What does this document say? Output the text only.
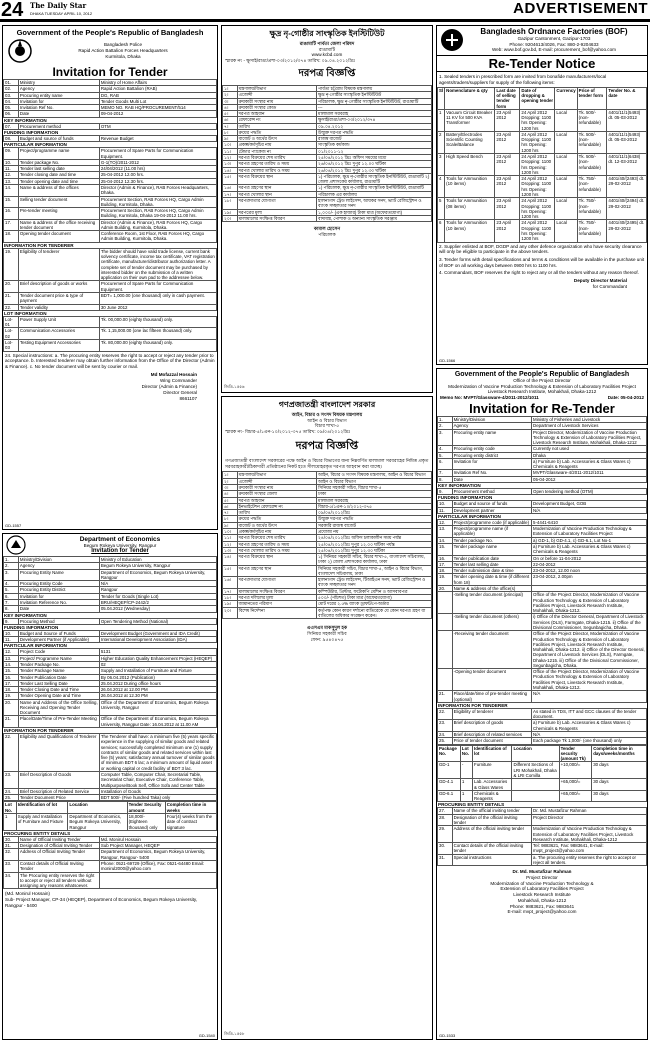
24 The Daily Star
DHAKA TUESDAY APRIL 10, 2012	ADVERTISEMENT
Government of the People's Republic of Bangladesh
Bangladesh Police
Rapid Action Battalion Forces Headquarters
Kurmitola, Dhaka
Invitation for Tender
01.	Ministry	Ministry of Home Affairs
02.	Agency	Rapid Action Battalion (RAB)
03.	Procuring entity name	DG, RAB
04.	Invitation for	Tender Goods Multi Lot
05.	Invitation Ref No.	MEMO NO. RAB HQ/PROCUREMENT/514
06.	Date	09-04-2012
KEY INFORMATION
07.	Procurement method	OTM
FUNDING INFORMATION
08.	Budget and source of funds	Revenue Budget
PARTICULAR INFORMATION
09.	Project/programme name	Procurement of Spare Parts for Communication Equipment.
10.	Tender package No.	G-1(TO)/2011-2012
11.	Tender last selling date	24/04/2012 (11.00 hrs)
12.	Tender closing date and time	25-04-2012 12.00 hrs.
13.	Tender opening date and time	25-04-2012 12.30 hrs.
14.	Name & address of the offices	Director (Admin & Finance), RAB Forces Headquarters, Dhaka.
15.	Selling tender document	Procurement Section, RAB Forces HQ, Cargo Admin Building, Kurmitola, Dhaka.
16.	Pre-tender meeting	Procurement Section, RAB Forces HQ, Cargo Admin Building, Kurmitola, Dhaka 19-04-2012 11.00 hrs.
17.	Name & address of the office receiving tender document	Director (Admin & Finance), RAB Forces HQ, Cargo Admin Building, Kurmitola, Dhaka.
18.	Opening tender document	Conference Room, 1st Floor, RAB Forces HQ, Cargo Admin Building, Kurmitola, Dhaka.
INFORMATION FOR TENDERER
19.	Eligibility of tenderer	The bidder should have valid trade license, current bank solvency certificate, income tax certificate, VAT registration certificate, manufacturer/distributor authorization letter. A complete set of tender document may be purchased by interested bidder on the submission of a written application on their own pad to the addressee below.
20.	Brief description of goods or works	Procurement of Spare Parts for Communication Equipment.
21.	Tender document price & type of payment	BDT= 1,000.00 (one thousand) only in cash payment.
22.	Tender validity	30 June 2012
LOT INFORMATION
Lot-01	Power Supply Unit	Tk. 00,000.00 (eighty thousand) only.
Lot-02	Communication Accessories	Tk. 1,15,000.00 (one lac fifteen thousand) only.
Lot-03	Testing Equipment Accessories	Tk. 80,000.00 (eighty thousand) only.
24. Special instructions: a. The procuring entity reserves the right to accept or reject any tender prior to acceptance. b. Interested tenderer may obtain further information from the Office of the Director (Admin & Finance). c. No tender document will be sent by courier or mail.
Md Mofazzal Hossain
Wing Commander
Director (Admin & Finance)
Director General
8661107
GD-1557
ক্ষুদ্র নৃ-গোষ্ঠীর সাংস্কৃতিক ইনস্টিটিউট
রাঙামাটি পার্বত্য জেলা পরিষদ
রাঙামাটি
www.kcbd.com
স্মারক নং - ক্ষুসাই/রাঙা/প্রশা-০৩/২০১২/৩৭৪ তারিখ: ০৯.০৪.২০১২খ্রিঃ
দরপত্র বিজ্ঞপ্তি
১।	মন্ত্রণালয়/বিভাগ	পার্বত্য চট্টগ্রাম বিষয়ক মন্ত্রণালয়
২।	এজেন্সী	ক্ষুদ্র নৃ-গোষ্ঠীর সাংস্কৃতিক ইনস্টিটিউট
৩।	ক্রয়কারী সংস্থার নাম	পরিচালক, ক্ষুদ্র নৃ-গোষ্ঠীর সাংস্কৃতিক ইনস্টিটিউট, রাঙামাটি
৪।	ক্রয়কারী সংস্থার কোড	---
৫।	দরপত্র আহবান	মালামাল সরবরাহ
৬।	রেফারেন্স নং	ক্ষুসাই/রাঙা/প্রশা-০৩/২০১২/৩৭৪
৭।	তারিখ	০৯.০৪.২০১২
৮।	ক্রয়ের পদ্ধতি	উন্মুক্ত দরপত্র পদ্ধতি
৯।	বাজেট ও অর্থের উৎস	রাজস্ব বাজেট
১০।	প্রকল্প/কর্মসূচির নাম	সাংস্কৃতিক কর্মকান্ড
১১।	টেন্ডার প্যাকেজ নং	০১/২০১১-১২
১২।	দরপত্র বিক্রয়ের শেষ তারিখ	২৫/০৪/২০১২ খ্রিঃ অফিস সময়ের মধ্যে
১৩।	দরপত্র গ্রহণের তারিখ ও সময়	২৬/০৪/২০১২ খ্রিঃ দুপুর ১২.০০ ঘটিকা
১৪।	দরপত্র খোলার তারিখ ও সময়	২৬/০৪/২০১২ খ্রিঃ দুপুর ১২.৩০ ঘটিকা
১৫।	দরপত্র বিক্রয়ের স্থান	১) পরিচালক, ক্ষুদ্র নৃ-গোষ্ঠীর সাংস্কৃতিক ইনস্টিটিউট, রাঙামাটি ২) জেলা প্রশাসকের কার্যালয়, রাঙামাটি
১৬।	দরপত্র গ্রহণের স্থান	১) পরিচালক, ক্ষুদ্র নৃ-গোষ্ঠীর সাংস্কৃতিক ইনস্টিটিউট, রাঙামাটি
১৭।	দরপত্র খোলার স্থান	পরিচালক এর কার্যালয়
১৮।	দরপত্রদাতার যোগ্যতা	হালনাগাদ ট্রেড লাইসেন্স, আয়কর সনদ, ভ্যাট রেজিস্ট্রেশন ও ব্যাংক সচ্ছলতার সনদ
১৯।	দরপত্রের মূল্য	১,০০০/- (এক হাজার) টাকা মাত্র (অফেরতযোগ্য)
২০।	মালামালের সংক্ষিপ্ত বিবরণ	বাদ্যযন্ত্র, পোশাক ও অন্যান্য সাংস্কৃতিক সরঞ্জাম
কামাল হোসেন
পরিচালক
জিডি-১৫৫৬
Bangladesh Ordnance Factories (BOF)
Gazipur Cantonment, Gazipur-1703
Phone: 9204613/4026, Fax: 880-2-9204633
Web: www.bof.gov.bd, E-mail: procurement_bof@yahoo.com
Re-Tender Notice
1. Sealed tenders in prescribed form are invited from bonafide manufacturers/local agents/traders/suppliers for supply of the following items:
Sl	Nomenclature & qty	Last date of selling tender form	Date of dropping & opening tender	Currency	Price of tender form	Tender No. & date
1	Vacuum Circuit Breaker 11 KV for 500 KVA Transformer	23 April 2012	24 April 2012 Dropping: 1100 hrs Opening: 1200 hrs	Local	Tk. 500/- (non-refundable)	4401/11/1(5493) dt. 05-03-2012
2	Battery/Electrodes Scientific Counting Scale/Balance	23 April 2012	24 April 2012 Dropping: 1100 hrs Opening: 1200 hrs	Local	Tk. 500/- (non-refundable)	4401/11/1(5493) dt. 05-03-2012
3	High Speed Bench	23 April 2012	24 April 2012 Dropping: 1100 hrs Opening: 1200 hrs	Local	Tk. 500/- (non-refundable)	4401/11/1(6438) dt. 12-03-2012
4	Tools for Ammunition (10 items)	23 April 2012	24 April 2012 Dropping: 1100 hrs Opening: 1200 hrs	Local	Tk. 750/- (non-refundable)	4401/40/(2493) dt. 29-02-2012
5	Tools for Ammunition (08 items)	23 April 2012	24 April 2012 Dropping: 1100 hrs Opening: 1200 hrs	Local	Tk. 750/- (non-refundable)	4401/40/(2494) dt. 29-02-2012
6	Tools for Ammunition (10 items)	23 April 2012	24 April 2012 Dropping: 1100 hrs Opening: 1200 hrs	Local	Tk. 750/- (non-refundable)	4401/40/(2495) dt. 29-02-2012
2. Supplier enlisted at BOF, DGDP and any other defence organization who have security clearance will only be eligible to participate in the above tenders.
3. Tender forms with detail specifications and terms & conditions will be available in the purchase unit of BOF on all working days between 0900 hrs to 1100 hrs.
4. Commandant, BOF reserves the right to reject any or all the tenders without any reason thereof.
Deputy Director Material
for Commandant
GD-1566
গণপ্রজাতন্ত্রী বাংলাদেশ সরকার
আইন, বিচার ও সংসদ বিষয়ক মন্ত্রণালয়
আইন ও বিচার বিভাগ
বিচার শাখা-৫
স্মারক নং- বিচার-৫/১এন-১০/২০১২-৩৭৫ তারিখ: ০৯/০৪/২০১২খ্রিঃ
দরপত্র বিজ্ঞপ্তি
গণপ্রজাতন্ত্রী বাংলাদেশ সরকারের পক্ষে আইন ও বিচার বিভাগের জন্য নিম্নবর্ণিত মালামাল সরবরাহের নিমিত্ত প্রকৃত সরবরাহকারী/ঠিকাদারী প্রতিষ্ঠানের নিকট হতে সীলমোহরকৃত দরপত্র আহবান করা যাচ্ছে।
১।	মন্ত্রণালয়/বিভাগ	আইন, বিচার ও সংসদ বিষয়ক মন্ত্রণালয়, আইন ও বিচার বিভাগ
২।	এজেন্সী	আইন ও বিচার বিভাগ
৩।	ক্রয়কারী সংস্থার নাম	সিনিয়র সহকারী সচিব, বিচার শাখা-৫
৪।	ক্রয়কারী সংস্থার জেলা	ঢাকা
৫।	দরপত্র আহবান	মালামাল সরবরাহ
৬।	ইনভাইটেশন রেফারেন্স নং	বিচার-৫/১এন-১০/২০১২-৩৭৫
৭।	তারিখ	০৯/০৪/২০১২খ্রিঃ
৮।	ক্রয়ের পদ্ধতি	উন্মুক্ত দরপত্র পদ্ধতি
৯।	বাজেট ও অর্থের উৎস	সরকারি রাজস্ব বাজেট
১০।	প্রকল্প/কর্মসূচির নাম	প্রযোজ্য নয়
১১।	দরপত্র বিক্রয়ের শেষ তারিখ	২৪/০৪/২০১২খ্রিঃ অফিস চলাকালীন সময় পর্যন্ত
১২।	দরপত্র গ্রহণের তারিখ ও সময়	২৫/০৪/২০১২খ্রিঃ দুপুর ১২.০০ ঘটিকা পর্যন্ত
১৩।	দরপত্র খোলার তারিখ ও সময়	২৫/০৪/২০১২খ্রিঃ দুপুর ১২.৩০ ঘটিকা
১৪।	দরপত্র বিক্রয়ের স্থান	১) সিনিয়র সহকারী সচিব, বিচার শাখা-৫, বাংলাদেশ সচিবালয়, ঢাকা ২) জেলা প্রশাসকের কার্যালয়, ঢাকা
১৫।	দরপত্র গ্রহণের স্থান	সিনিয়র সহকারী সচিব, বিচার শাখা-৫, আইন ও বিচার বিভাগ, বাংলাদেশ সচিবালয়, ঢাকা
১৬।	দরপত্রদাতার যোগ্যতা	হালনাগাদ ট্রেড লাইসেন্স, টিআইএন সনদ, ভ্যাট রেজিস্ট্রেশন ও ব্যাংক সচ্ছলতার সনদ
১৭।	মালামালের সংক্ষিপ্ত বিবরণ	কম্পিউটার, প্রিন্টার, ফটোকপি মেশিন ও আসবাবপত্র
১৮।	দরপত্র দলিলের মূল্য	৫০০/- (পাঁচশত) টাকা মাত্র (অফেরতযোগ্য)
১৯।	জামানতের পরিমাণ	মোট দরের ২.৫% ব্যাংক ড্রাফট/পে-অর্ডার
২০।	বিশেষ নির্দেশনা	কর্তৃপক্ষ কোন কারণ দর্শানো ব্যতিরেকে যে কোন দরপত্র গ্রহণ বা বাতিলের অধিকার সংরক্ষণ করেন।
এএসএম মাকসুদুল হক
সিনিয়র সহকারী সচিব
ফোন: ৯৫৪০৪৭৫
জিডি-১৫৫৮
Department of Economics
Begum Rokeya University, Rangpur
Invitation for Tender
1.	Ministry/Division	Ministry of Education
2.	Agency	Begum Rokeya University, Rangpur
3.	Procuring Entity Name	Department of Economics, Begum Rokeya University, Rangpur
4.	Procuring Entity Code	N/A
5.	Procuring Entity District	Rangpur
6.	Invitation for	Tender for Goods (Single Lot)
7.	Invitation Reference No.	BRU/HEQEP/CP-2442/2
8.	Date	05.04.2012 (Wednesday)
KEY INFORMATION
9.	Procuring Method	Open Tendering Method (National)
FUNDING INFORMATION
10.	Budget and Source of Funds	Development Budget (Government and IDA Credit)
11.	Development Partner (if Applicable)	International Development Association (IDA)
PARTICULAR INFORMATION
12.	Project Code	5131
13.	Project/ Programme Name	Higher Education Quality Enhancement Project (HEQEP)
14.	Tender Package No.	02
15.	Tender Package Name	Supply and Installation of Furniture and Fixture
16.	Tender Publication Date	By 06.04.2012 (Publication)
17.	Tender Last Selling Date	25.04.2012 During office hours
18.	Tender Closing Date and Time	26.04.2012 at 12.00 PM
19.	Tender Opening Date and Time	26.04.2012 at 12.30 PM
20.	Name and Address of the Office Selling, Receiving and Opening Tender Document	Office of the Department of Economics, Begum Rokeya University, Rangpur
21.	Place/Date/Time of Pre-Tender Meeting	Office of the Department of Economics, Begum Rokeya University, Rangpur Date: 16.04.2012 at 11.00 AM
INFORMATION FOR TENDERER
22.	Eligibility and Qualifications of Tenderer	The Tenderer shall have: a minimum five (5) years specific experience in the supplying of similar goods and related services; successfully completed minimum one (1) supply contracts of similar goods and related services within last five (5) years; satisfactory annual turnover of similar goods of minimum BDT 6 lac; a minimum amount of liquid asset or working capital or credit facility of BDT 3 lac.
23.	Brief Description of Goods	Computer Table, Computer Chair, Secretarial Table, Secretariat Chair, Executive Chair, Conference Table, Multipurpose/Book Self, Office Sofa and Center Table
24.	Brief Description of Related Service	Installation of Goods
25.	Tender Document Price	BDT 500/- (Five hundred Taka) only
Lot No.	Identification of lot	Location	Tender Security amount	Completion time in weeks
1	Supply and Installation of Furniture and Fixture	Department of Economics, Begum Rokeya University, Rangpur	18,000/- (Eighteen thousand) only	Four(4) weeks from the date of contract signature
PROCURING ENTITY DETAILS
30.	Name of Official Inviting Tender	Md. Monirul Hossain
31.	Designation of Official Inviting Tender	Sub Project Manager, HEQEP
32.	Address of Official Inviting Tender	Department of Economics, Begum Rokeya University, Rangpur, Rangpur- 5400
33.	Contact details of Official Inviting Tender	Phone: 0521-69729 (Office), Fax: 0521-64480 Email: monirul2000@yahoo.com
34.	The Procuring entity reserves the right to accept or reject all tenders without assigning any reasons whatsoever.	
(Md. Monirul Hossain)
Sub- Project Manager, CP-34 (HEQEP), Department of Economics, Begum Rokeya University, Rangpur - 5400
GD-1540
Government of the People's Republic of Bangladesh
Office of the Project Director
Modernization of Vaccine Production Technology & Extension of Laboratory Facilities Project
Livestock Research Institute, Mohakhali, Dhaka-1212
Memo No: MVPT/Glassware-4/2011-2012/1011	Date: 05-04-2012
Invitation for Re-Tender
1.	Ministry/Division	Ministry of Fisheries and Livestock
2.	Agency	Department of Livestock Services
3.	Procuring entity name	Project Director, Modernization of Vaccine Production Technology & Extension of Laboratory Facilities Project, Livestock Research Institute, Mohakhali, Dhaka-1212
4.	Procuring entity code	Currently not used
5.	Procuring entity district	Dhaka
6.	Invitation for	a) Furniture b) Lab. Accessories & Glass Wares c) Chemicals & Reagents
7.	Invitation Ref No.	MVPT/Glassware-4/2011-2012/1011
8.	Date	05-04-2012
KEY INFORMATION
9.	Procurement method	Open tendering method (OTM)
FUNDING INFORMATION
10.	Budget and source of funds	Development Budget, GOB
11.	Development partner	N/A
PARTICULAR INFORMATION
12.	Project/programme code (if applicable)	5-4441-6410
13.	Project/programme name (if applicable)	Modernization of Vaccine Production Technology & Extension of Laboratory Facilities Project
14.	Tender package No.	a) GD-1, b) GD-4.1, c) GD-6.1, Lot No-1
15.	Tender package name	a) Furniture b) Lab. Accessories & Glass Wares c) Chemicals & Reagents
16.	Tender publication date	On or before 11-04-2012
17.	Tender last selling date	22-04-2012
18.	Tender submission date & time	23-04-2012, 12.00 noon
19.	Tender opening date & time (if different from 18)	23-04-2012, 2.00pm
20.	Name & address of the office(s)	
	-Selling tender document (principal)	Office of the Project Director, Modernization of Vaccine Production Technology & Extension of Laboratory Facilities Project, Livestock Research Institute, Mohakhali, Dhaka-1212.
	-Selling tender document (others)	i) Office of the Director General, Department of Livestock Services (DLS), Farmgate, Dhaka-1215. ii) Office of the Divisional Commissioner, Segunbagicha, Dhaka.
	-Receiving tender document	Office of the Project Director, Modernization of Vaccine Production Technology & Extension of Laboratory Facilities Project, Livestock Research Institute, Mohakhali, Dhaka-1212. ii) Office of the Director General, Department of Livestock Services (DLS), Farmgate, Dhaka-1215. iii) Office of the Divisional Commissioner, Segunbagicha, Dhaka.
	-Opening tender document	Office of the Project Director, Modernization of Vaccine Production Technology & Extension of Laboratory Facilities Project, Livestock Research Institute, Mohakhali, Dhaka-1212.
21.	Place/date/time of pre-tender meeting (optional)	N/A
INFORMATION FOR TENDERER
22.	Eligibility of tenderer	As stated in TDS, ITT and GCC clauses of the tender document.
23.	Brief description of goods	a) Furniture b) Lab. Accessories & Glass Wares c) Chemicals & Reagents
24.	Brief description of related services	N/A
25.	Price of tender document	Each package Tk 1,000/- (one thousand) only
Package No.	Lot No.	Identification of lot	Location	Tender security (amount Tk)	Completion time in days/weeks/months
GD-1	-	Furniture	Different Sections of LRI Mohakhali, Dhaka & LRI Comilla	+10,000/=	30 days
GD-4.1	1	Lab. Accessories & Glass Wares		+65,000/=	30 days
GD-6.1	1	Chemicals & Reagents		+65,000/=	30 days
PROCURING ENTITY DETAILS
27.	Name of the official inviting tender	Dr. Md. Mustafizur Rahman
28.	Designation of the official inviting tender	Project Director
29.	Address of the official inviting tender	Modernization of Vaccine Production Technology & Extension of Laboratory Facilities Project, Livestock Research Institute, Mohakhali, Dhaka-1212
30.	Contact details of the official inviting tender	Tel: 9883621, Fax: 9883641, E-mail: mvpt_project@yahoo.com
31.	Special instructions	a. The procuring entity reserves the right to accept or reject all tenders.
Dr. Md. Mustafizur Rahman
Project Director
Modernization of Vaccine Production Technology &
Extension of Laboratory Facilities Project
Livestock Research Institute
Mohakhali, Dhaka-1212
Phone: 9883621, Fax: 9883641
E-mail: mvpt_project@yahoo.com
GD-1533
